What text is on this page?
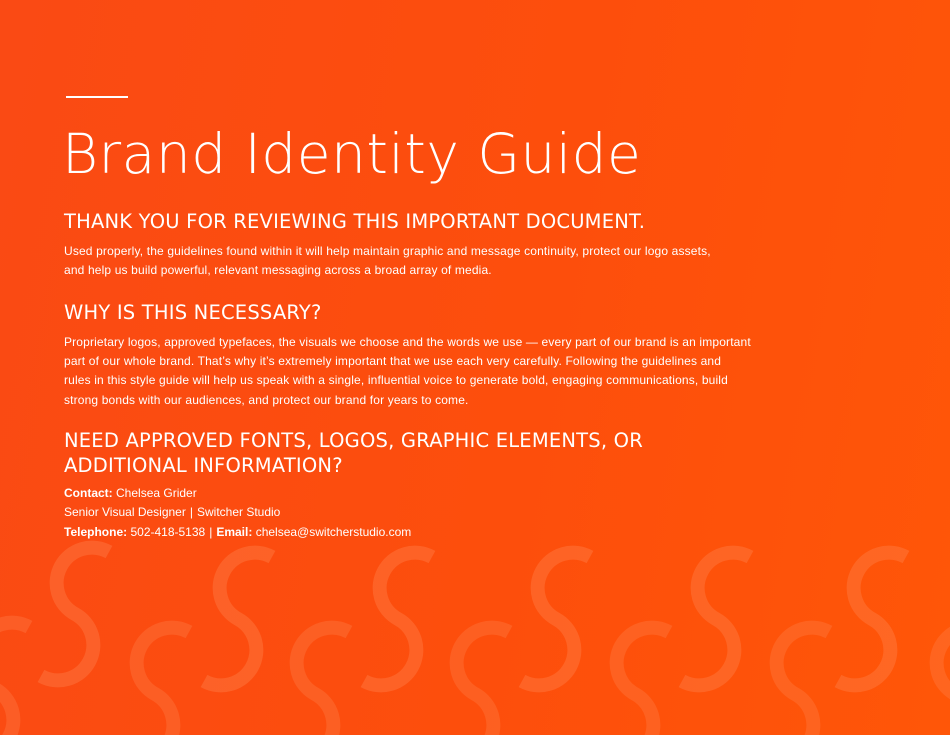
Brand Identity Guide
THANK YOU FOR REVIEWING THIS IMPORTANT DOCUMENT.

Used properly, the guidelines found within it will help maintain graphic and message continuity, protect our logo assets,
and help us build powerful, relevant messaging across a broad array of media.

WHY IS THIS NECESSARY?

Proprietary logos, approved typefaces, the visuals we choose and the words we use — every part of our brand is an important
part of our whole brand. That’s why it’s extremely important that we use each very carefully. Following the guidelines and
rules in this style guide will help us speak with a single, influential voice to generate bold, engaging communications, build
strong bonds with our audiences, and protect our brand for years to come.

NEED APPROVED FONTS, LOGOS, GRAPHIC ELEMENTS, OR
ADDITIONAL INFORMATION?
Contact: Chelsea Grider
Senior Visual Designer | Switcher Studio
Telephone: 502-418-5138 | Email: chelsea@switcherstudio.com
